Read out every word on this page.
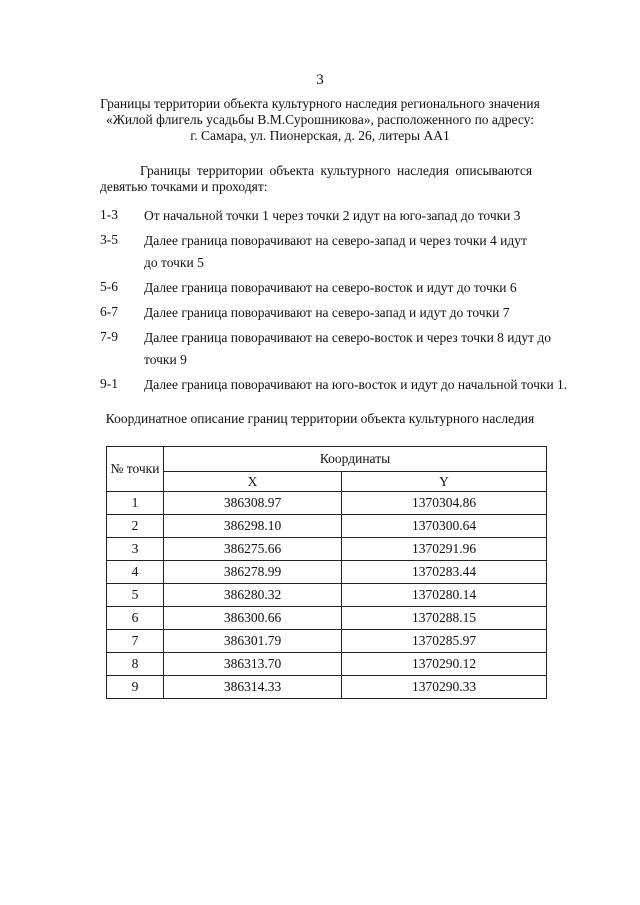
3
Границы территории объекта культурного наследия регионального значения
«Жилой флигель усадьбы В.М.Сурошникова», расположенного по адресу:
г. Самара, ул. Пионерская, д. 26, литеры АА1
Границы территории объекта культурного наследия описываются
девятью точками и проходят:
1-3	От начальной точки 1 через точки 2 идут на юго-запад до точки 3
3-5	Далее граница поворачивают на северо-запад и через точки 4 идут
до точки 5
5-6	Далее граница поворачивают на северо-восток и идут до точки 6
6-7	Далее граница поворачивают на северо-запад и идут до точки 7
7-9	Далее граница поворачивают на северо-восток и через точки 8 идут до
точки 9
9-1	Далее граница поворачивают на юго-восток и идут до начальной точки 1.
Координатное описание границ территории объекта культурного наследия
№ точки	Координаты	
	X	Y
1	386308.97	1370304.86
2	386298.10	1370300.64
3	386275.66	1370291.96
4	386278.99	1370283.44
5	386280.32	1370280.14
6	386300.66	1370288.15
7	386301.79	1370285.97
8	386313.70	1370290.12
9	386314.33	1370290.33
